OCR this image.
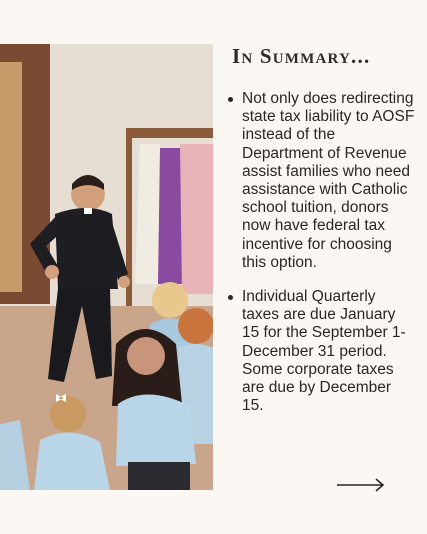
In Summary...
Not only does redirecting state tax liability to AOSF instead of the Department of Revenue assist families who need assistance with Catholic school tuition, donors now have federal tax incentive for choosing this option.
Individual Quarterly taxes are due January 15 for the September 1- December 31 period. Some corporate taxes are due by December 15.
